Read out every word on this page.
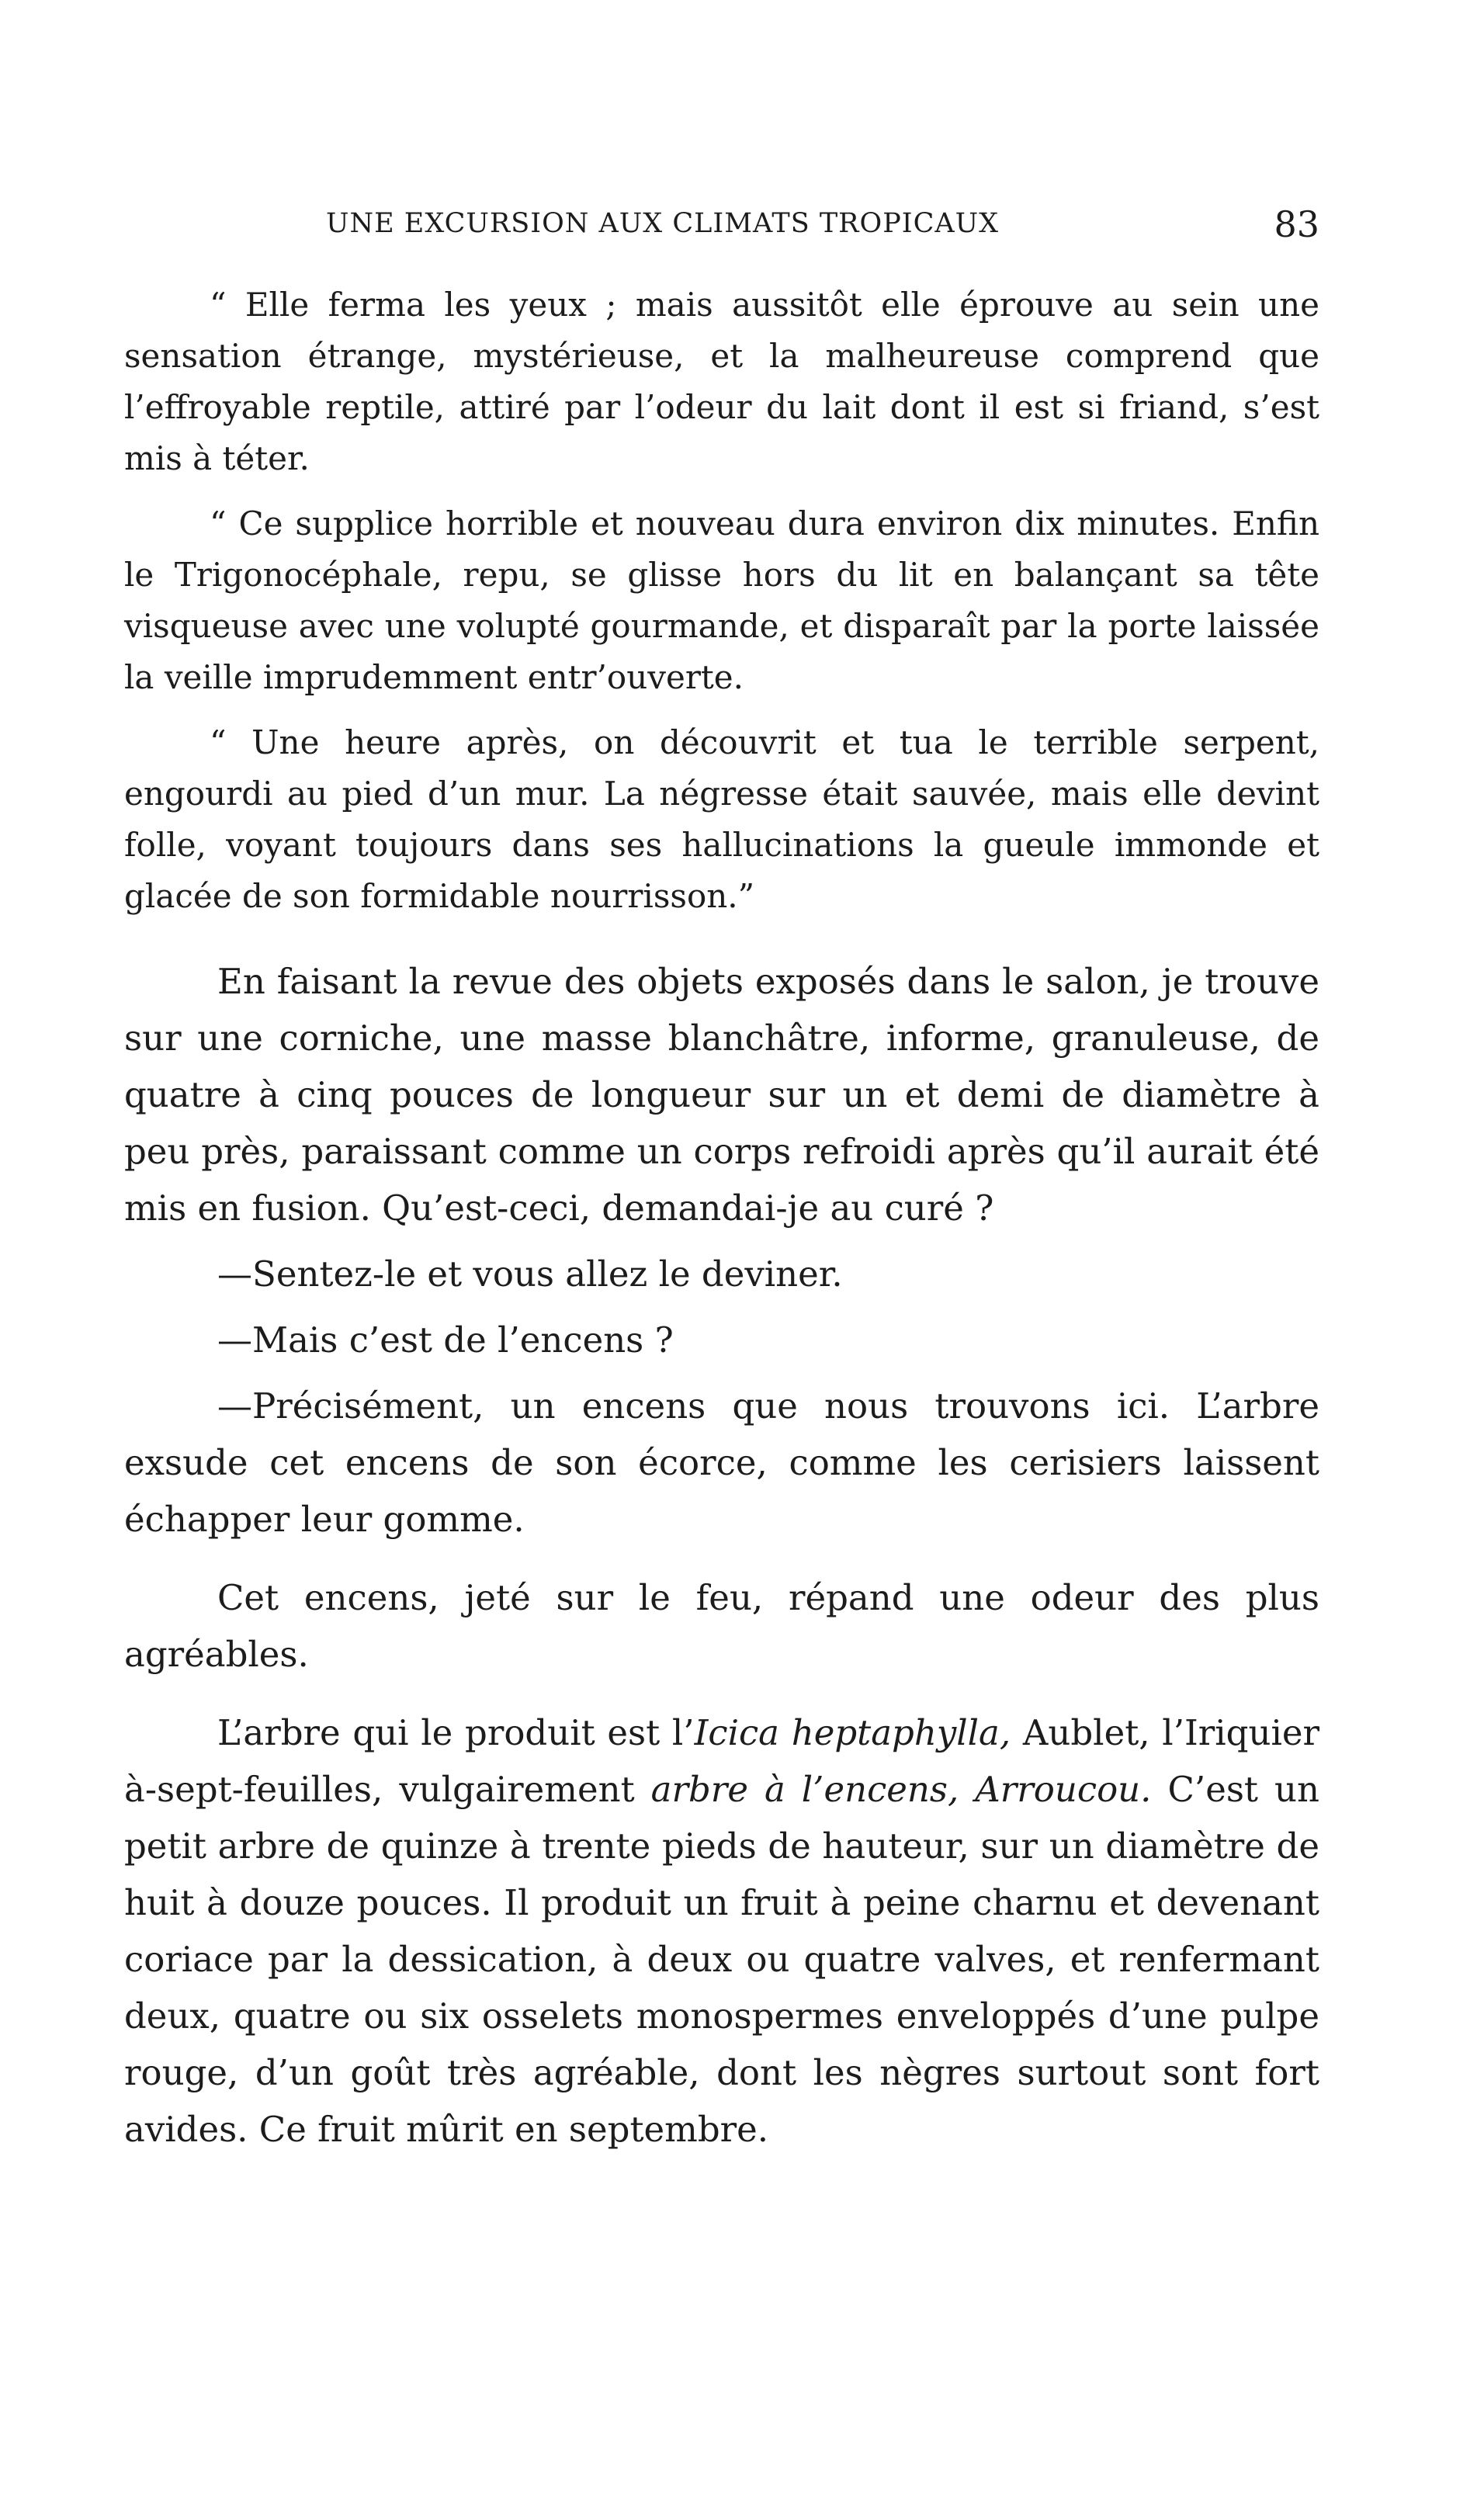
UNE EXCURSION AUX CLIMATS TROPICAUX	83

“ Elle ferma les yeux ; mais aussitôt elle éprouve au sein une sensation étrange, mystérieuse, et la malheureuse comprend que l’effroyable reptile, attiré par l’odeur du lait dont il est si friand, s’est mis à téter.

“ Ce supplice horrible et nouveau dura environ dix minutes. Enfin le Trigonocéphale, repu, se glisse hors du lit en balançant sa tête visqueuse avec une volupté gourmande, et disparaît par la porte laissée la veille imprudemment entr’ouverte.

“ Une heure après, on découvrit et tua le terrible serpent, engourdi au pied d’un mur. La négresse était sauvée, mais elle devint folle, voyant toujours dans ses hallucinations la gueule immonde et glacée de son formidable nourrisson.”

En faisant la revue des objets exposés dans le salon, je trouve sur une corniche, une masse blanchâtre, informe, granuleuse, de quatre à cinq pouces de longueur sur un et demi de diamètre à peu près, paraissant comme un corps refroidi après qu’il aurait été mis en fusion. Qu’est-ceci, demandai-je au curé ?

—Sentez-le et vous allez le deviner.

—Mais c’est de l’encens ?

—Précisément, un encens que nous trouvons ici. L’arbre exsude cet encens de son écorce, comme les cerisiers laissent échapper leur gomme.

Cet encens, jeté sur le feu, répand une odeur des plus agréables.

L’arbre qui le produit est l’Icica heptaphylla, Aublet, l’Iriquier à-sept-feuilles, vulgairement arbre à l’encens, Arroucou. C’est un petit arbre de quinze à trente pieds de hauteur, sur un diamètre de huit à douze pouces. Il produit un fruit à peine charnu et devenant coriace par la dessication, à deux ou quatre valves, et renfermant deux, quatre ou six osselets monospermes enveloppés d’une pulpe rouge, d’un goût très agréable, dont les nègres surtout sont fort avides. Ce fruit mûrit en septembre.
